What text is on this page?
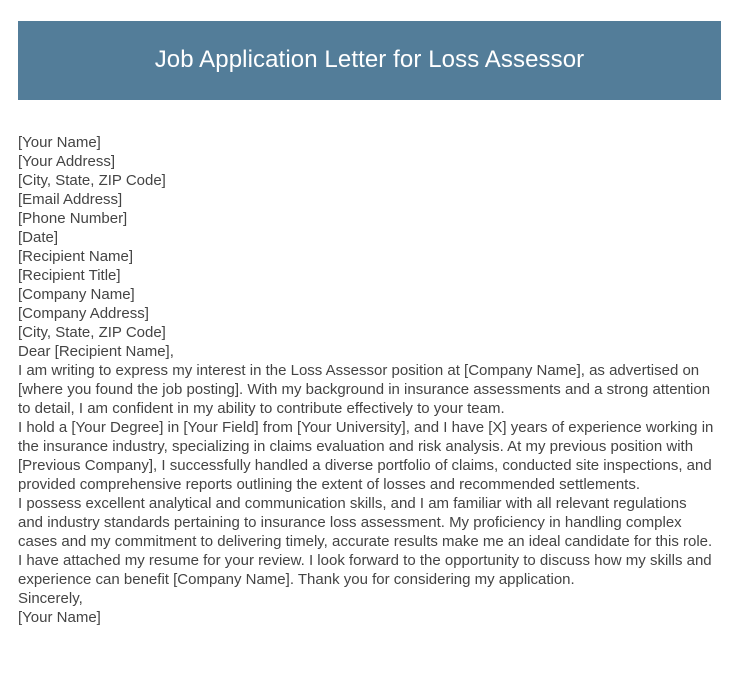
Job Application Letter for Loss Assessor
[Your Name]
[Your Address]
[City, State, ZIP Code]
[Email Address]
[Phone Number]
[Date]
[Recipient Name]
[Recipient Title]
[Company Name]
[Company Address]
[City, State, ZIP Code]
Dear [Recipient Name],

I am writing to express my interest in the Loss Assessor position at [Company Name], as advertised on [where you found the job posting]. With my background in insurance assessments and a strong attention to detail, I am confident in my ability to contribute effectively to your team.

I hold a [Your Degree] in [Your Field] from [Your University], and I have [X] years of experience working in the insurance industry, specializing in claims evaluation and risk analysis. At my previous position with [Previous Company], I successfully handled a diverse portfolio of claims, conducted site inspections, and provided comprehensive reports outlining the extent of losses and recommended settlements.

I possess excellent analytical and communication skills, and I am familiar with all relevant regulations and industry standards pertaining to insurance loss assessment. My proficiency in handling complex cases and my commitment to delivering timely, accurate results make me an ideal candidate for this role.

I have attached my resume for your review. I look forward to the opportunity to discuss how my skills and experience can benefit [Company Name]. Thank you for considering my application.

Sincerely,
[Your Name]
